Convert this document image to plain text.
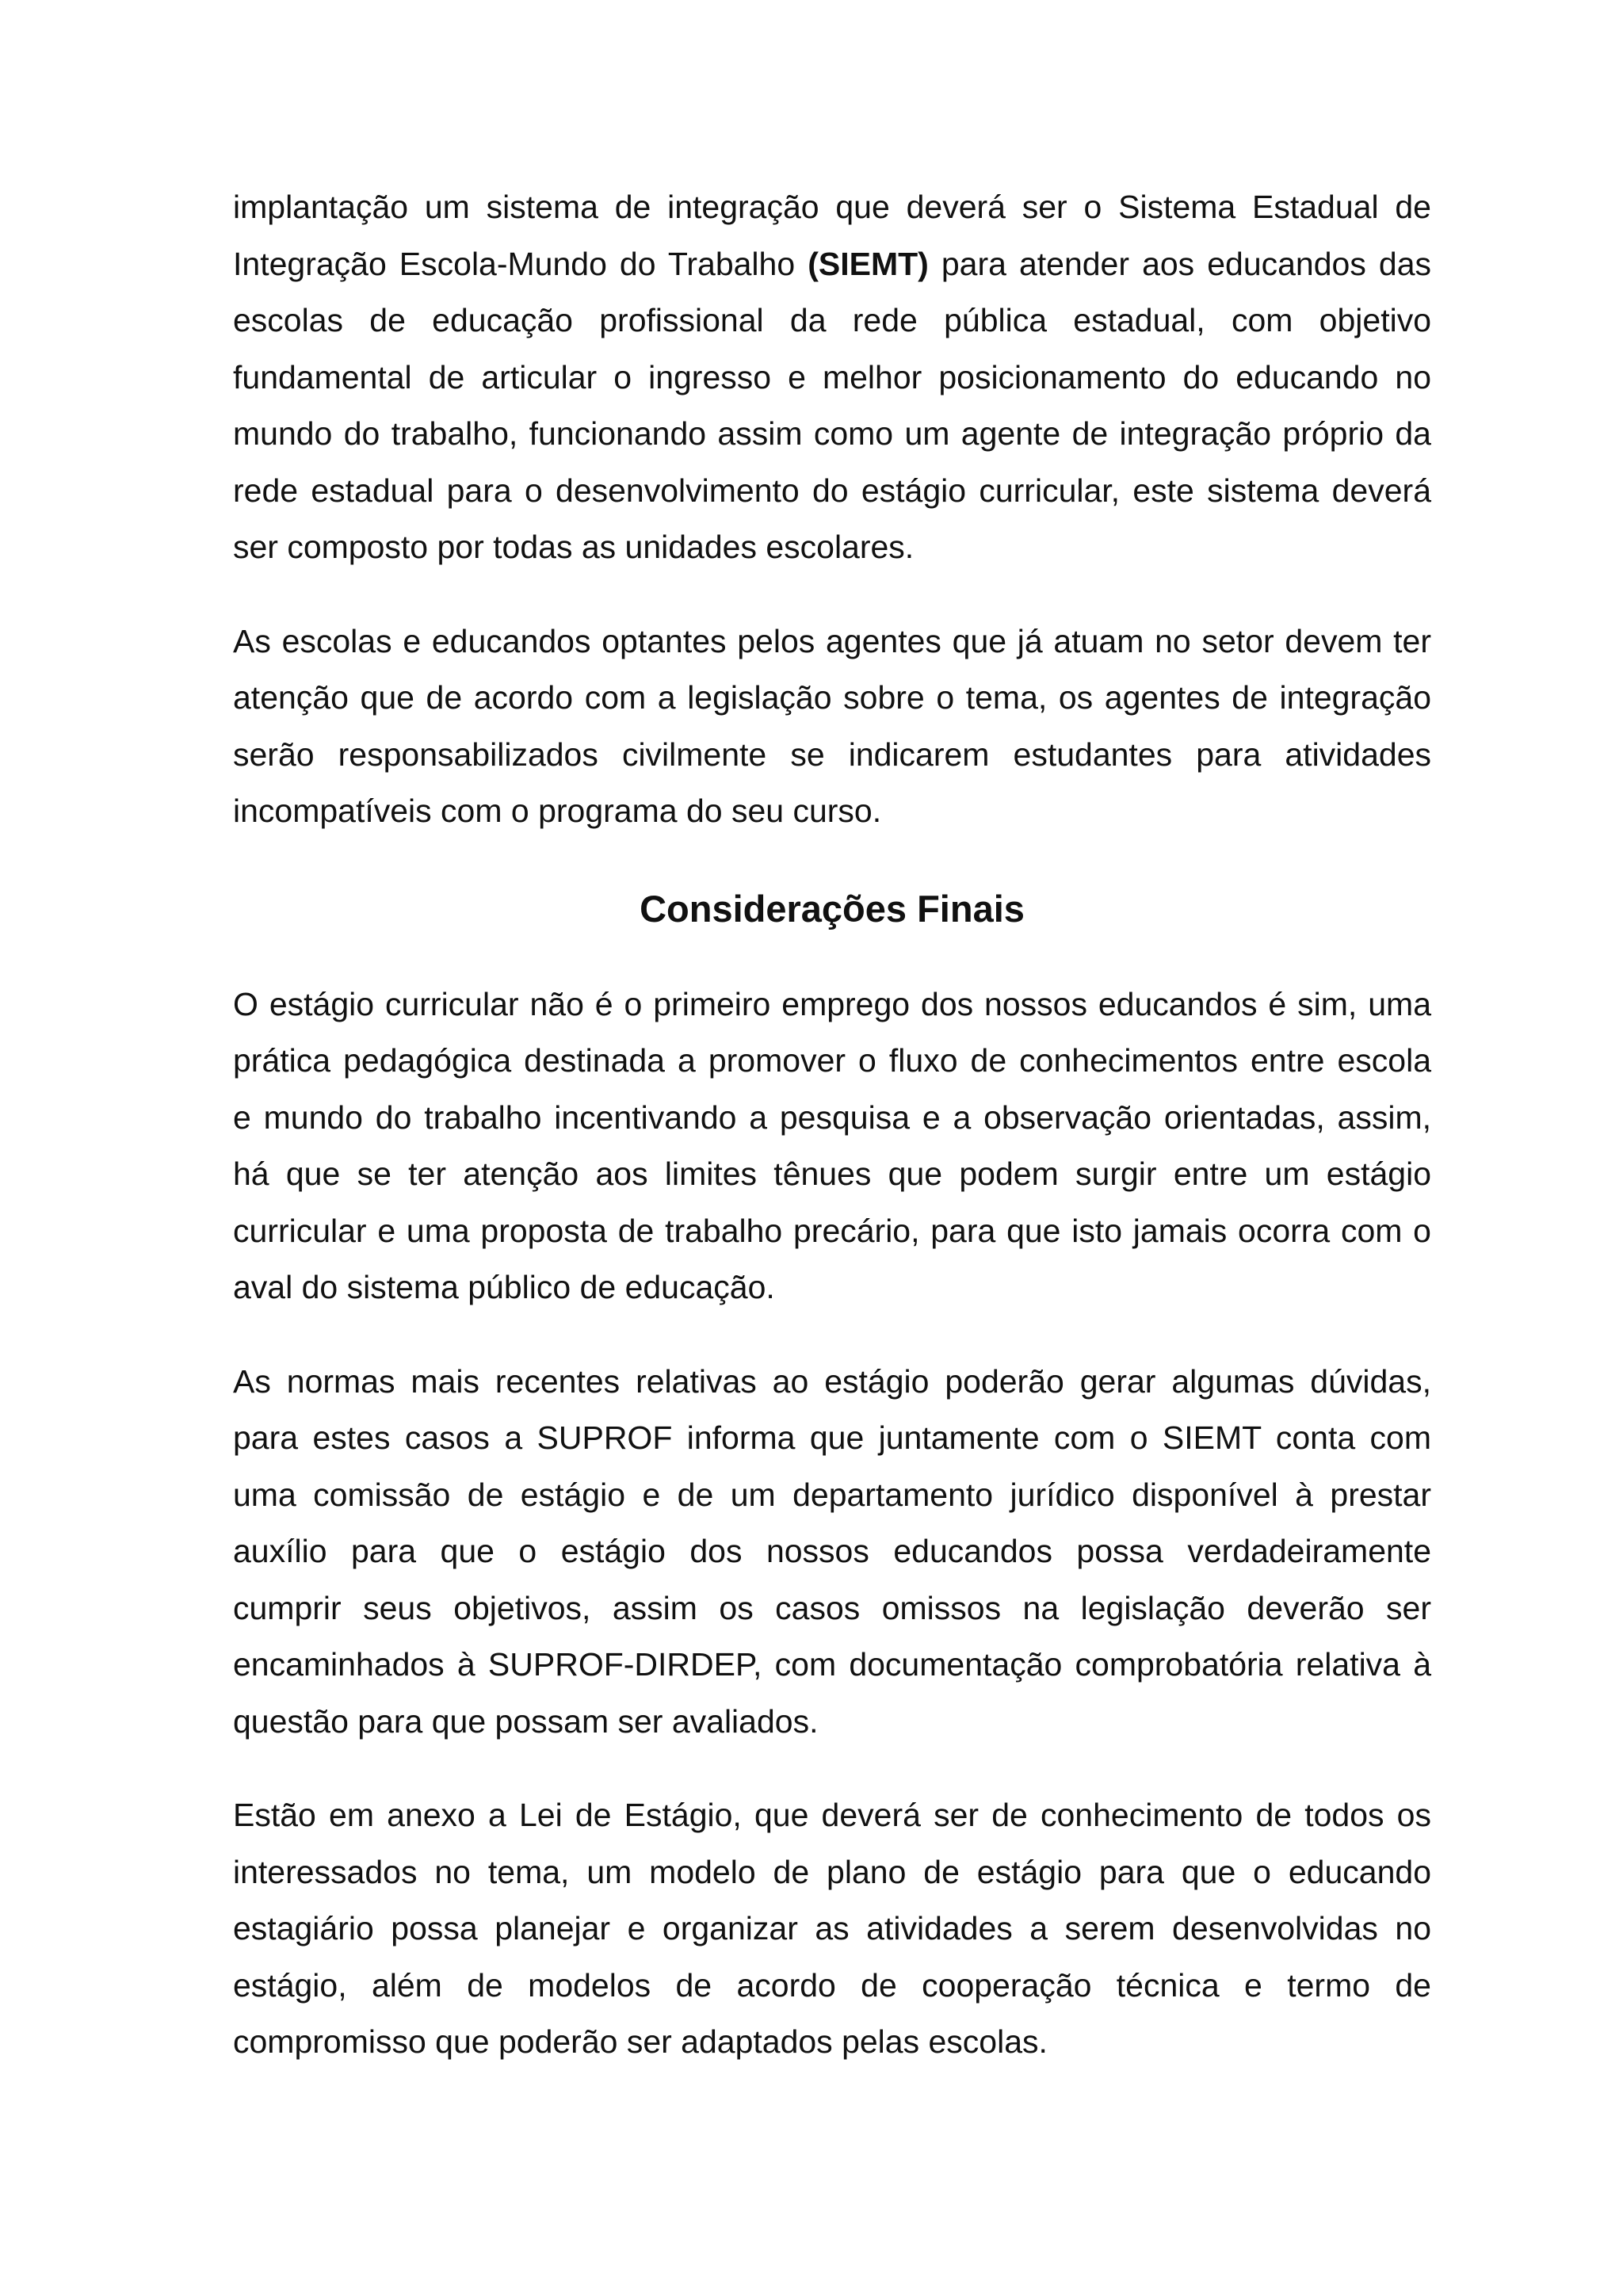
implantação um sistema de integração que deverá ser o Sistema Estadual de
Integração Escola-Mundo do Trabalho (SIEMT) para atender aos educandos das
escolas de educação profissional da rede pública estadual, com objetivo
fundamental de articular o ingresso e melhor posicionamento do educando no
mundo do trabalho, funcionando assim como um agente de integração próprio da
rede estadual para o desenvolvimento do estágio curricular, este sistema deverá
ser composto por todas as unidades escolares.
As escolas e educandos optantes pelos agentes que já atuam no setor devem ter
atenção que de acordo com a legislação sobre o tema, os agentes de integração
serão responsabilizados civilmente se indicarem estudantes para atividades
incompatíveis com o programa do seu curso.
Considerações Finais
O estágio curricular não é o primeiro emprego dos nossos educandos é sim, uma
prática pedagógica destinada a promover o fluxo de conhecimentos entre escola
e mundo do trabalho incentivando a pesquisa e a observação orientadas, assim,
há que se ter atenção aos limites tênues que podem surgir entre um estágio
curricular e uma proposta de trabalho precário, para que isto jamais ocorra com o
aval do sistema público de educação.
As normas mais recentes relativas ao estágio poderão gerar algumas dúvidas,
para estes casos a SUPROF informa que juntamente com o SIEMT conta com
uma comissão de estágio e de um departamento jurídico disponível à prestar
auxílio para que o estágio dos nossos educandos possa verdadeiramente
cumprir seus objetivos, assim os casos omissos na legislação deverão ser
encaminhados à SUPROF-DIRDEP, com documentação comprobatória relativa à
questão para que possam ser avaliados.
Estão em anexo a Lei de Estágio, que deverá ser de conhecimento de todos os
interessados no tema, um modelo de plano de estágio para que o educando
estagiário possa planejar e organizar as atividades a serem desenvolvidas no
estágio, além de modelos de acordo de cooperação técnica e termo de
compromisso que poderão ser adaptados pelas escolas.
